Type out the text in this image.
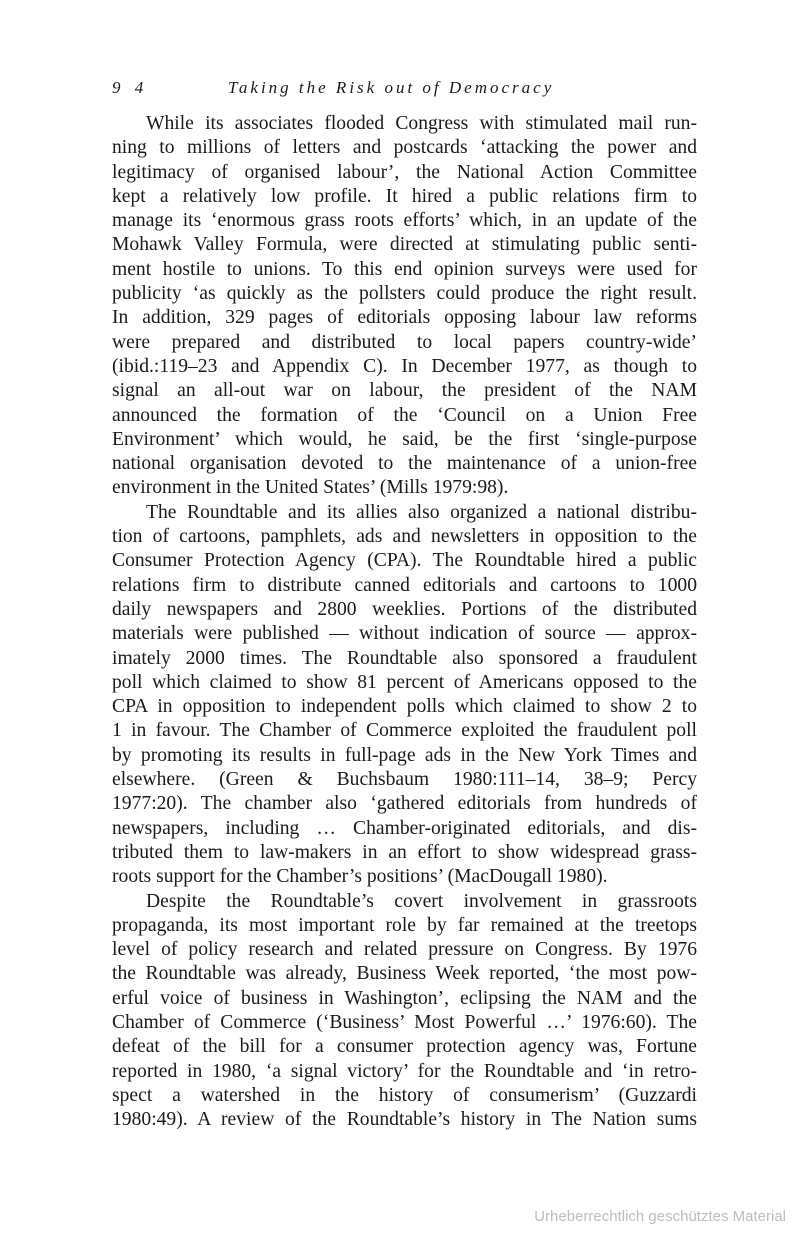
9 4	Taking the Risk out of Democracy
While its associates flooded Congress with stimulated mail run-
ning to millions of letters and postcards ‘attacking the power and
legitimacy of organised labour’, the National Action Committee
kept a relatively low profile. It hired a public relations firm to
manage its ‘enormous grass roots efforts’ which, in an update of the
Mohawk Valley Formula, were directed at stimulating public senti-
ment hostile to unions. To this end opinion surveys were used for
publicity ‘as quickly as the pollsters could produce the right result.
In addition, 329 pages of editorials opposing labour law reforms
were prepared and distributed to local papers country-wide’
(ibid.:119–23 and Appendix C). In December 1977, as though to
signal an all-out war on labour, the president of the NAM
announced the formation of the ‘Council on a Union Free
Environment’ which would, he said, be the first ‘single-purpose
national organisation devoted to the maintenance of a union-free
environment in the United States’ (Mills 1979:98).
The Roundtable and its allies also organized a national distribu-
tion of cartoons, pamphlets, ads and newsletters in opposition to the
Consumer Protection Agency (CPA). The Roundtable hired a public
relations firm to distribute canned editorials and cartoons to 1000
daily newspapers and 2800 weeklies. Portions of the distributed
materials were published — without indication of source — approx-
imately 2000 times. The Roundtable also sponsored a fraudulent
poll which claimed to show 81 percent of Americans opposed to the
CPA in opposition to independent polls which claimed to show 2 to
1 in favour. The Chamber of Commerce exploited the fraudulent poll
by promoting its results in full-page ads in the New York Times and
elsewhere. (Green & Buchsbaum 1980:111–14, 38–9; Percy
1977:20). The chamber also ‘gathered editorials from hundreds of
newspapers, including … Chamber-originated editorials, and dis-
tributed them to law-makers in an effort to show widespread grass-
roots support for the Chamber’s positions’ (MacDougall 1980).
Despite the Roundtable’s covert involvement in grassroots
propaganda, its most important role by far remained at the treetops
level of policy research and related pressure on Congress. By 1976
the Roundtable was already, Business Week reported, ‘the most pow-
erful voice of business in Washington’, eclipsing the NAM and the
Chamber of Commerce (‘Business’ Most Powerful …’ 1976:60). The
defeat of the bill for a consumer protection agency was, Fortune
reported in 1980, ‘a signal victory’ for the Roundtable and ‘in retro-
spect a watershed in the history of consumerism’ (Guzzardi
1980:49). A review of the Roundtable’s history in The Nation sums
Urheberrechtlich geschütztes Material
